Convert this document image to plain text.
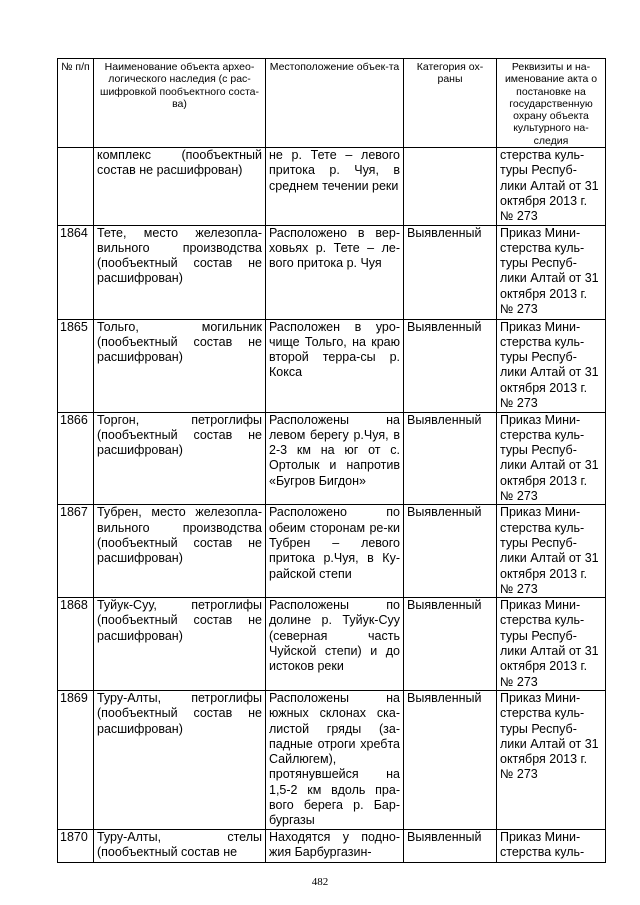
№ п/п	Наименование объекта архео-логического наследия (с рас-шифровкой пообъектного соста-ва)	Местоположение объек-та	Категория ох-раны	Реквизиты и на-именование акта о постановке на государственную охрану объекта культурного на-следия
	комплекс (пообъектный состав не расшифрован)	не р. Тете – левого притока р. Чуя, в среднем течении реки		стерства куль-туры Респуб-лики Алтай от 31 октября 2013 г. № 273
1864	Тете, место железопла-вильного производства (пообъектный состав не расшифрован)	Расположено в вер-ховьях р. Тете – ле-вого притока р. Чуя	Выявленный	Приказ Мини-стерства куль-туры Респуб-лики Алтай от 31 октября 2013 г. № 273
1865	Тольго, могильник (пообъектный состав не расшифрован)	Расположен в уро-чище Тольго, на краю второй терра-сы р. Кокса	Выявленный	Приказ Мини-стерства куль-туры Респуб-лики Алтай от 31 октября 2013 г. № 273
1866	Торгон, петроглифы (пообъектный состав не расшифрован)	Расположены на левом берегу р.Чуя, в 2-3 км на юг от с. Ортолык и напротив «Бугров Бигдон»	Выявленный	Приказ Мини-стерства куль-туры Респуб-лики Алтай от 31 октября 2013 г. № 273
1867	Тубрен, место железопла-вильного производства (пообъектный состав не расшифрован)	Расположено по обеим сторонам ре-ки Тубрен – левого притока р.Чуя, в Ку-райской степи	Выявленный	Приказ Мини-стерства куль-туры Респуб-лики Алтай от 31 октября 2013 г. № 273
1868	Туйук-Суу, петроглифы (пообъектный состав не расшифрован)	Расположены по долине р. Туйук-Суу (северная часть Чуйской степи) и до истоков реки	Выявленный	Приказ Мини-стерства куль-туры Респуб-лики Алтай от 31 октября 2013 г. № 273
1869	Туру-Алты, петроглифы (пообъектный состав не расшифрован)	Расположены на южных склонах ска-листой гряды (за-падные отроги хребта Сайлюгем), протянувшейся на 1,5-2 км вдоль пра-вого берега р. Бар-бургазы	Выявленный	Приказ Мини-стерства куль-туры Респуб-лики Алтай от 31 октября 2013 г. № 273
1870	Туру-Алты, стелы (пообъектный состав не	Находятся у подно-жия Барбургазин-	Выявленный	Приказ Мини-стерства куль-
482
